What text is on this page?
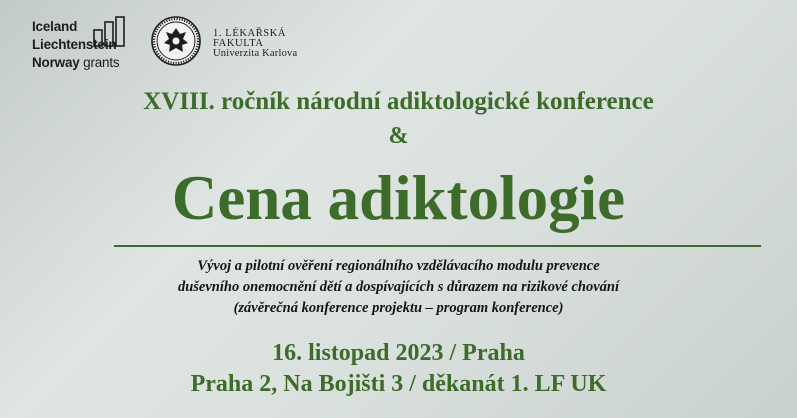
Iceland
Liechtenstein
Norway grants
1. LÉKAŘSKÁ
FAKULTA
Univerzita Karlova
XVIII. ročník národní adiktologické konference
&
Cena adiktologie
Vývoj a pilotní ověření regionálního vzdělávacího modulu prevence
duševního onemocnění dětí a dospívajících s důrazem na rizikové chování
(závěrečná konference projektu – program konference)
16. listopad 2023 / Praha
Praha 2, Na Bojišti 3 / děkanát 1. LF UK
